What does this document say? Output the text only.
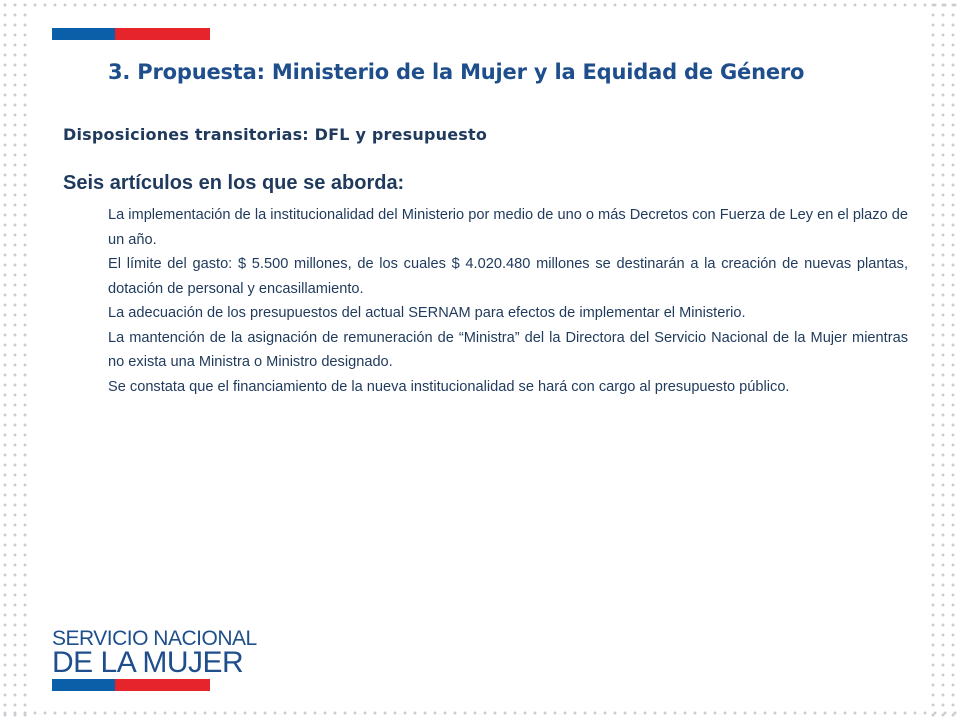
3. Propuesta: Ministerio de la Mujer y la Equidad de Género
Disposiciones transitorias: DFL y presupuesto
Seis artículos en los que se aborda:
La implementación de la institucionalidad del Ministerio por medio de uno o más Decretos con Fuerza de Ley en el plazo de un año.
El límite del gasto: $ 5.500 millones, de los cuales $ 4.020.480 millones se destinarán a la creación de nuevas plantas, dotación de personal y encasillamiento.
La adecuación de los presupuestos del actual SERNAM para efectos de implementar el Ministerio.
La mantención de la asignación de remuneración de “Ministra” del la Directora del Servicio Nacional de la Mujer mientras no exista una Ministra o Ministro designado.
Se constata que el financiamiento de la nueva institucionalidad se hará con cargo al presupuesto público.
SERVICIO NACIONAL
DE LA MUJER
